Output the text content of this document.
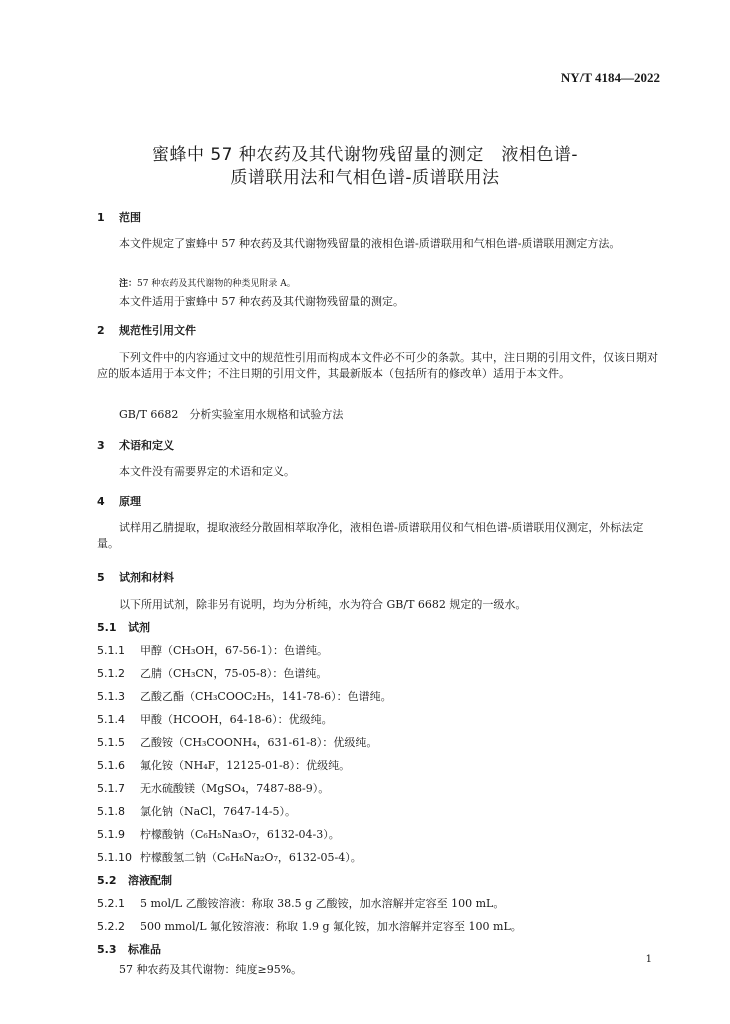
NY/T 4184—2022
蜜蜂中 57 种农药及其代谢物残留量的测定　液相色谱-
质谱联用法和气相色谱-质谱联用法
1 范围
本文件规定了蜜蜂中 57 种农药及其代谢物残留量的液相色谱-质谱联用和气相色谱-质谱联用测定方法。
注：57 种农药及其代谢物的种类见附录 A。
本文件适用于蜜蜂中 57 种农药及其代谢物残留量的测定。
2 规范性引用文件
下列文件中的内容通过文中的规范性引用而构成本文件必不可少的条款。其中，注日期的引用文件，仅该日期对应的版本适用于本文件；不注日期的引用文件，其最新版本（包括所有的修改单）适用于本文件。
GB/T 6682　分析实验室用水规格和试验方法
3 术语和定义
本文件没有需要界定的术语和定义。
4 原理
试样用乙腈提取，提取液经分散固相萃取净化，液相色谱-质谱联用仪和气相色谱-质谱联用仪测定，外标法定量。
5 试剂和材料
以下所用试剂，除非另有说明，均为分析纯，水为符合 GB/T 6682 规定的一级水。
5.1 试剂
5.1.1 甲醇（CH₃OH，67-56-1）：色谱纯。
5.1.2 乙腈（CH₃CN，75-05-8）：色谱纯。
5.1.3 乙酸乙酯（CH₃COOC₂H₅，141-78-6）：色谱纯。
5.1.4 甲酸（HCOOH，64-18-6）：优级纯。
5.1.5 乙酸铵（CH₃COONH₄，631-61-8）：优级纯。
5.1.6 氟化铵（NH₄F，12125-01-8）：优级纯。
5.1.7 无水硫酸镁（MgSO₄，7487-88-9）。
5.1.8 氯化钠（NaCl，7647-14-5）。
5.1.9 柠檬酸钠（C₆H₅Na₃O₇，6132-04-3）。
5.1.10 柠檬酸氢二钠（C₆H₆Na₂O₇，6132-05-4）。
5.2 溶液配制
5.2.1 5 mol/L 乙酸铵溶液：称取 38.5 g 乙酸铵，加水溶解并定容至 100 mL。
5.2.2 500 mmol/L 氟化铵溶液：称取 1.9 g 氟化铵，加水溶解并定容至 100 mL。
5.3 标准品
57 种农药及其代谢物：纯度≥95%。
1
